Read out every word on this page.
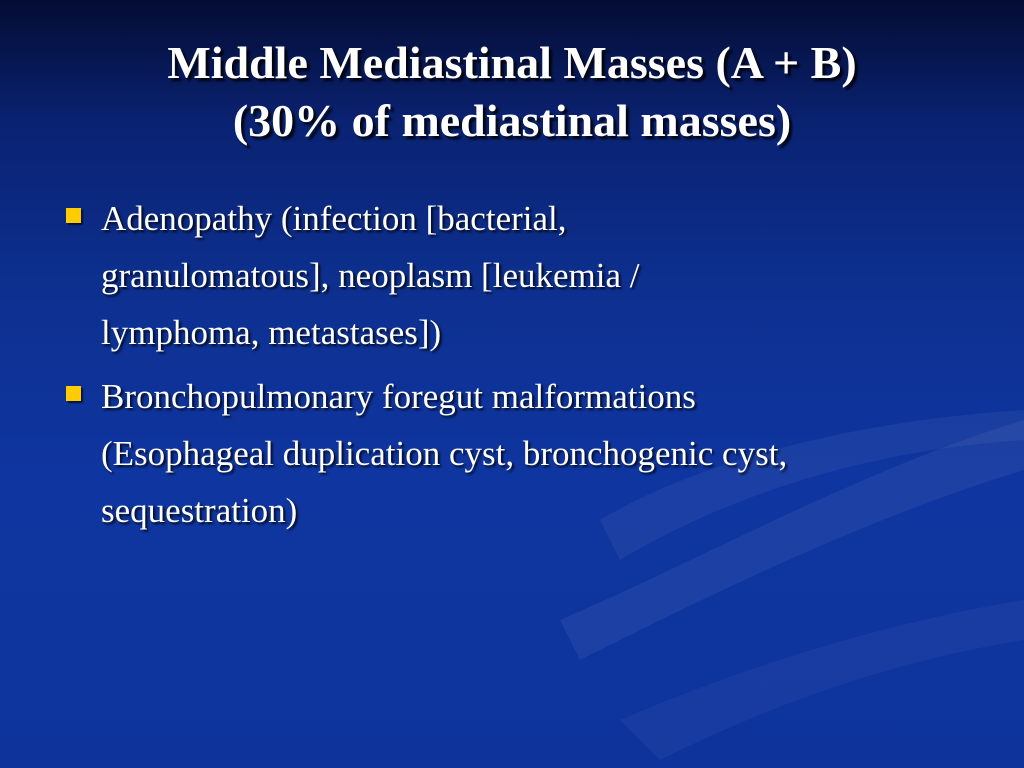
Middle Mediastinal Masses (A + B)
(30% of mediastinal masses)
Adenopathy (infection [bacterial,
granulomatous], neoplasm [leukemia /
lymphoma, metastases])
Bronchopulmonary foregut malformations
(Esophageal duplication cyst, bronchogenic cyst,
sequestration)
